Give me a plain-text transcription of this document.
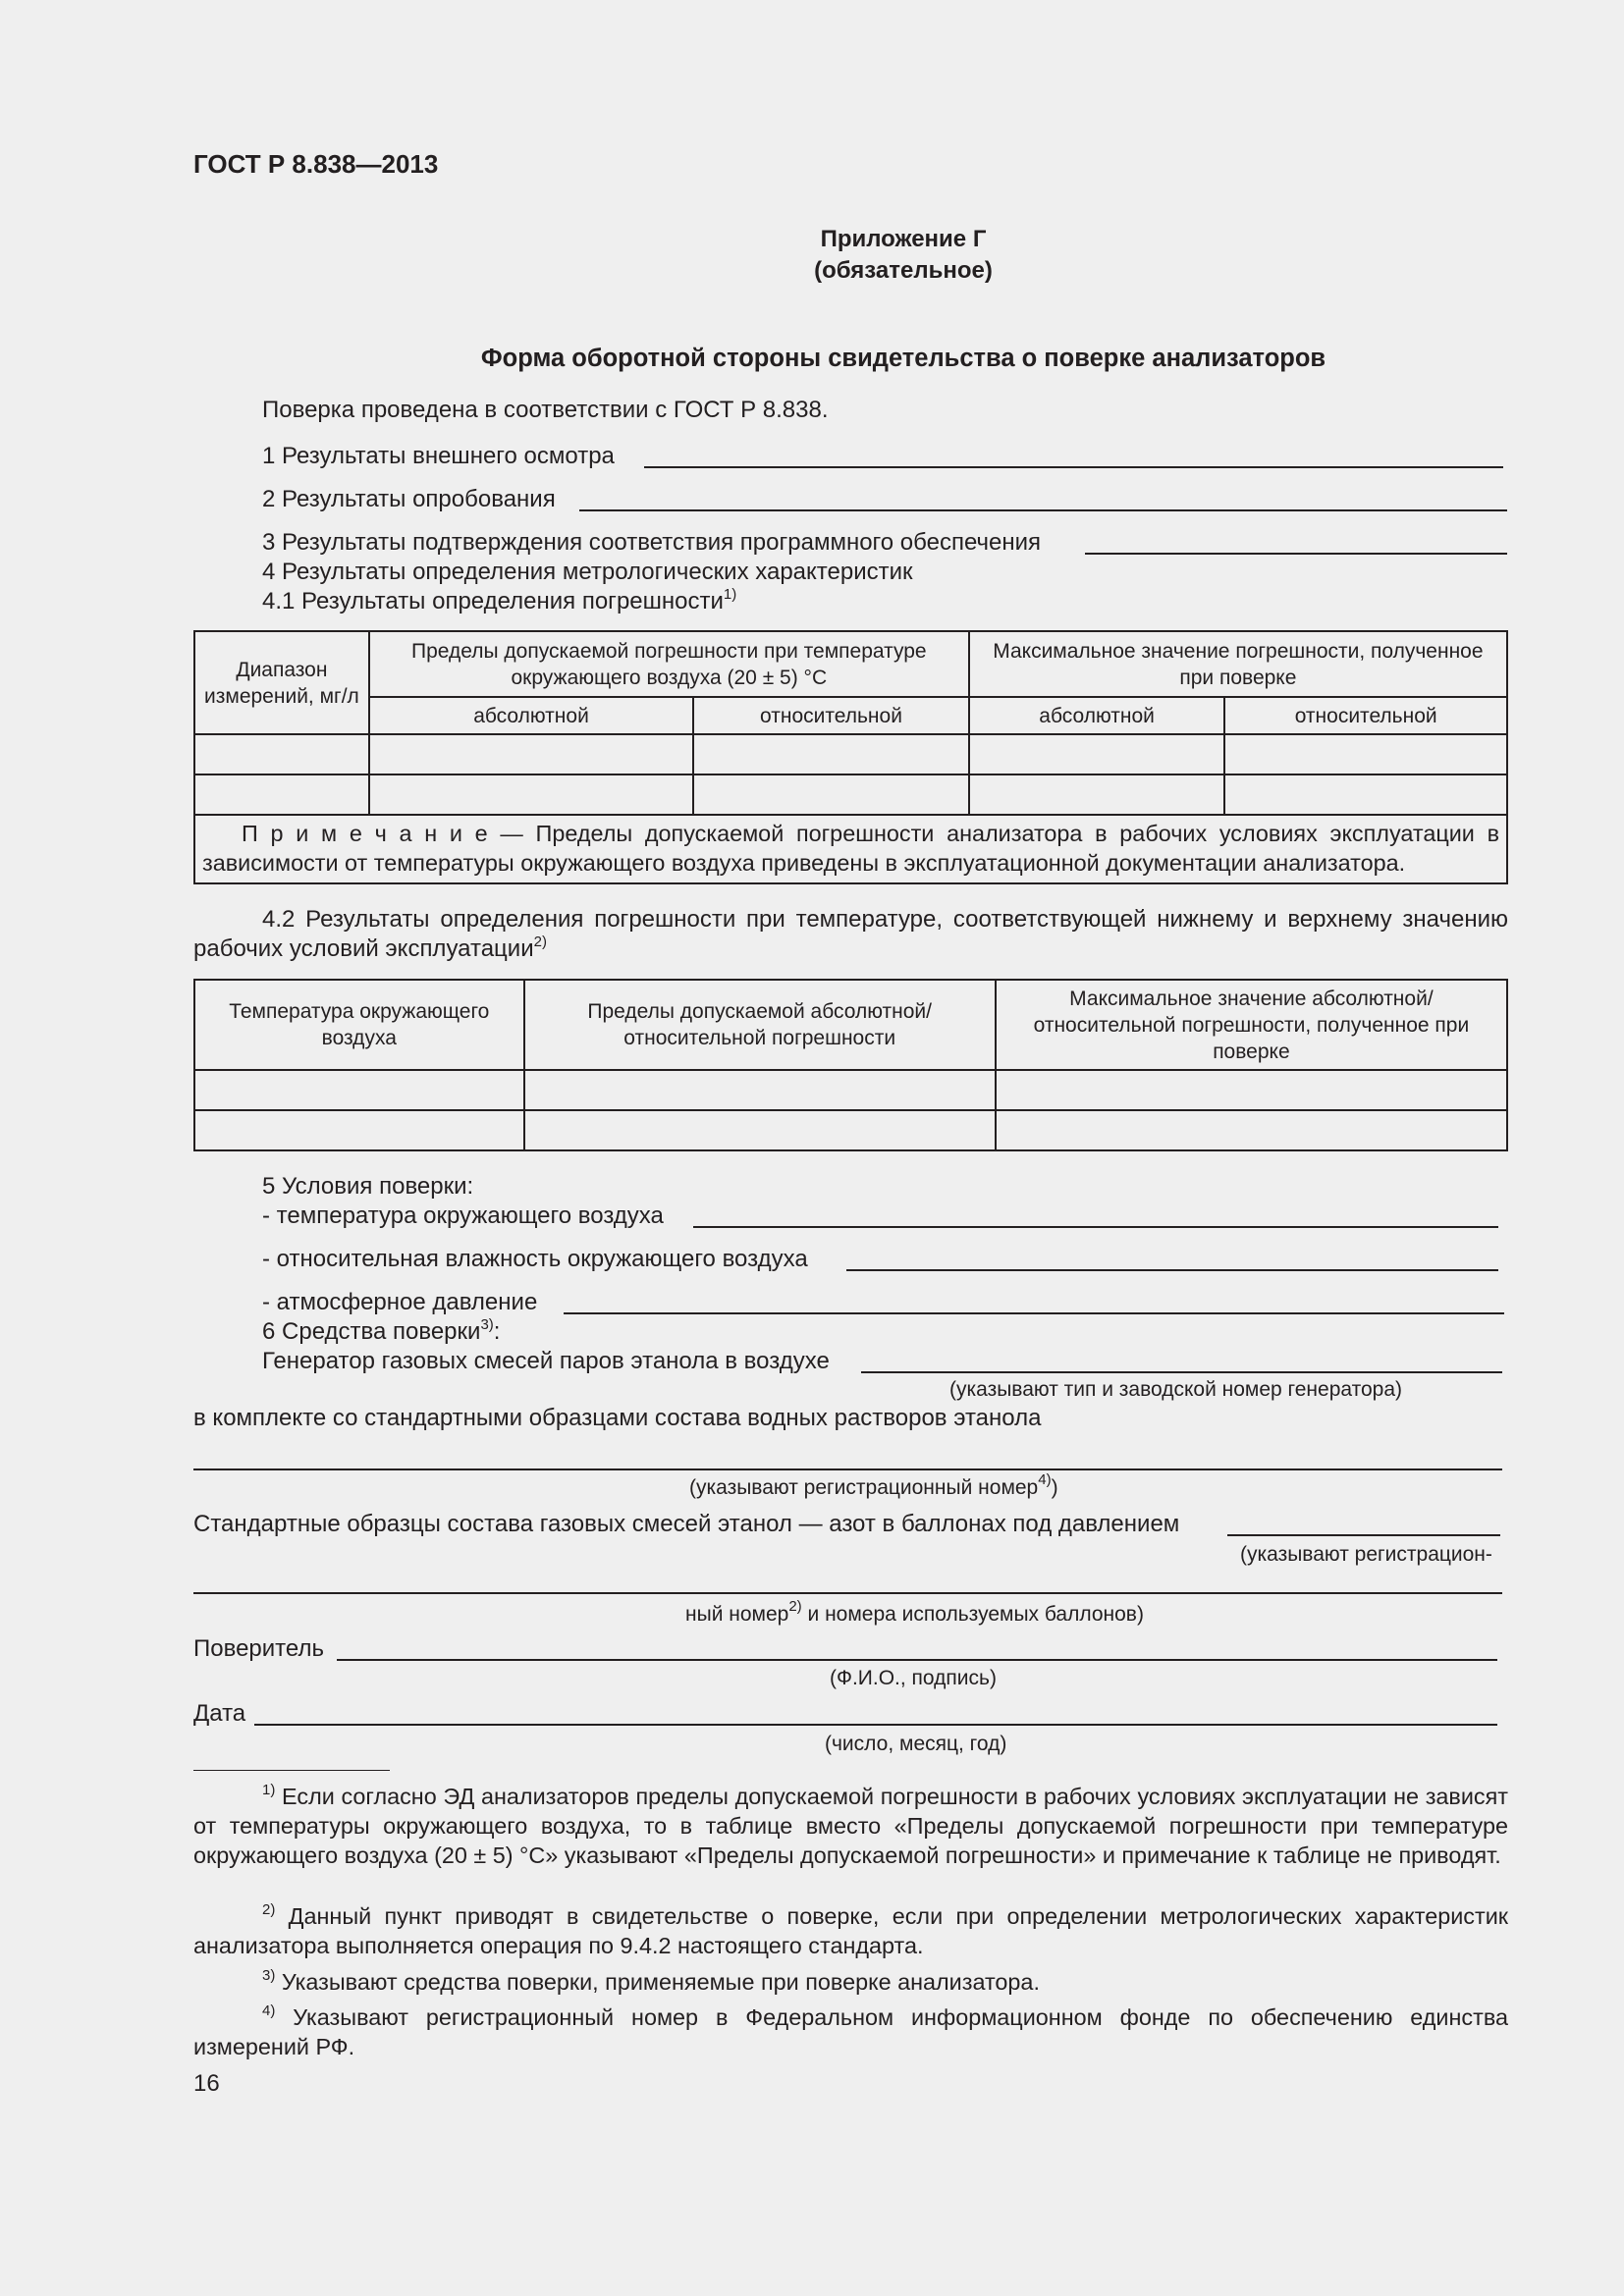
ГОСТ Р 8.838—2013
Приложение Г
(обязательное)
Форма оборотной стороны свидетельства о поверке анализаторов
Поверка проведена в соответствии с ГОСТ Р 8.838.
1 Результаты внешнего осмотра
2 Результаты опробования
3 Результаты подтверждения соответствия программного обеспечения
4 Результаты определения метрологических характеристик
4.1 Результаты определения погрешности$^{1)}$
Диапазон измерений, мг/л	Пределы допускаемой погрешности при температуре окружающего воздуха (20 ± 5) °С		Максимальное значение погрешности, полученное при поверке	
	абсолютной	относительной	абсолютной	относительной

П р и м е ч а н и е — Пределы допускаемой погрешности анализатора в рабочих условиях эксплуатации в зависимости от температуры окружающего воздуха приведены в эксплуатационной документации анализатора.				
4.2 Результаты определения погрешности при температуре, соответствующей нижнему и верхнему значению рабочих условий эксплуатации$^{2)}$
Температура окружающего воздуха	Пределы допускаемой абсолютной/относительной погрешности	Максимальное значение абсолютной/относительной погрешности, полученное при поверке

5 Условия поверки:
- температура окружающего воздуха
- относительная влажность окружающего воздуха
- атмосферное давление
6 Средства поверки$^{3)}$:
Генератор газовых смесей паров этанола в воздухе
(указывают тип и заводской номер генератора)
в комплекте со стандартными образцами состава водных растворов этанола
(указывают регистрационный номер$^{4)}$)
Стандартные образцы состава газовых смесей этанол — азот в баллонах под давлением
(указывают регистрацион-
ный номер$^{2)}$ и номера используемых баллонов)
Поверитель
(Ф.И.О., подпись)
Дата
(число, месяц, год)
$^{1)}$ Если согласно ЭД анализаторов пределы допускаемой погрешности в рабочих условиях эксплуатации не зависят от температуры окружающего воздуха, то в таблице вместо «Пределы допускаемой погрешности при температуре окружающего воздуха (20 ± 5) °С» указывают «Пределы допускаемой погрешности» и примечание к таблице не приводят.
$^{2)}$ Данный пункт приводят в свидетельстве о поверке, если при определении метрологических характеристик анализатора выполняется операция по 9.4.2 настоящего стандарта.
$^{3)}$ Указывают средства поверки, применяемые при поверке анализатора.
$^{4)}$ Указывают регистрационный номер в Федеральном информационном фонде по обеспечению единства измерений РФ.
16
